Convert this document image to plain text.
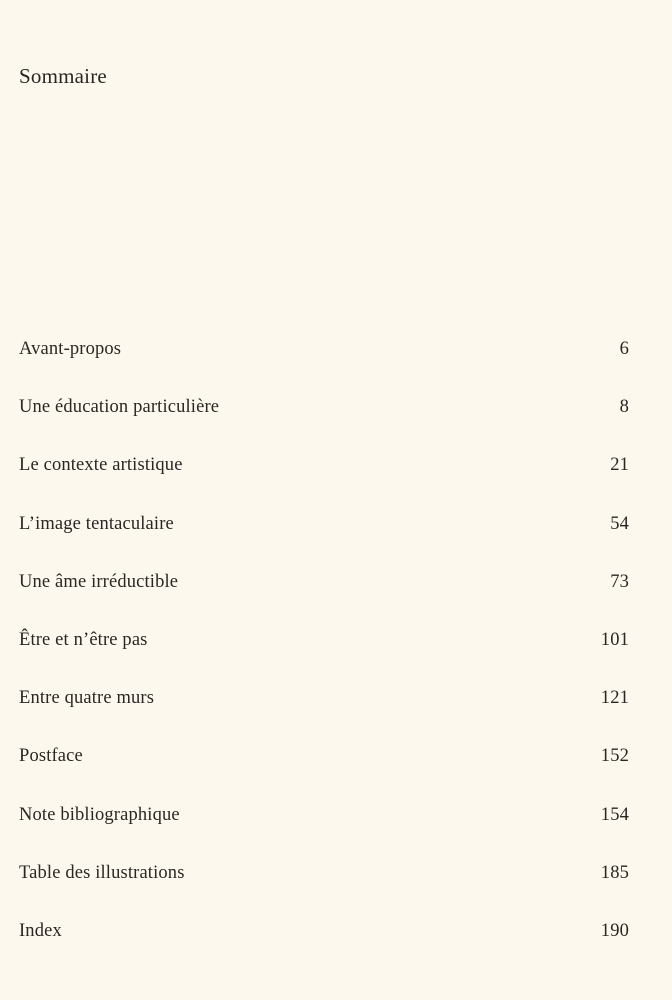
Sommaire
Avant-propos	6
Une éducation particulière	8
Le contexte artistique	21
L’image tentaculaire	54
Une âme irréductible	73
Être et n’être pas	101
Entre quatre murs	121
Postface	152
Note bibliographique	154
Table des illustrations	185
Index	190
